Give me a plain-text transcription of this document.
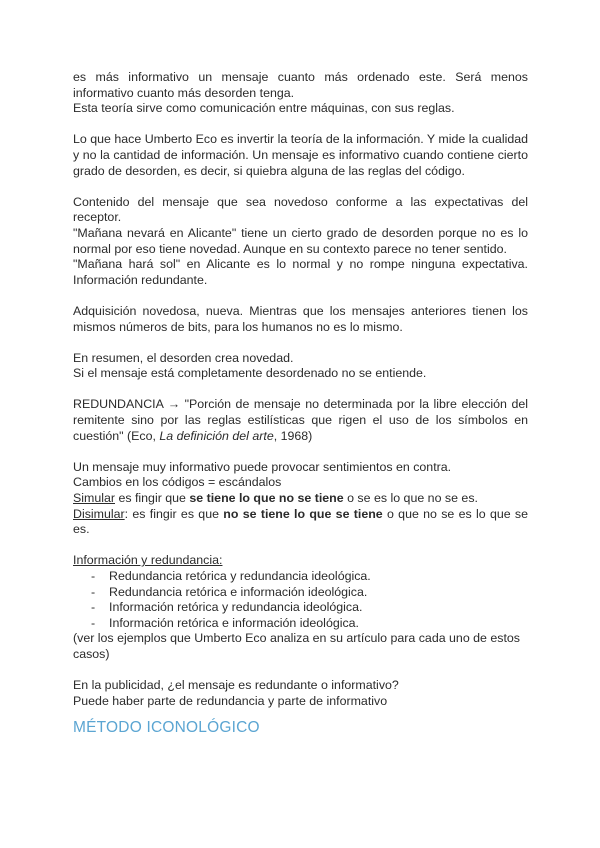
es más informativo un mensaje cuanto más ordenado este. Será menos informativo cuanto más desorden tenga.

Esta teoría sirve como comunicación entre máquinas, con sus reglas.

Lo que hace Umberto Eco es invertir la teoría de la información. Y mide la cualidad y no la cantidad de información. Un mensaje es informativo cuando contiene cierto grado de desorden, es decir, si quiebra alguna de las reglas del código.

Contenido del mensaje que sea novedoso conforme a las expectativas del receptor.

"Mañana nevará en Alicante" tiene un cierto grado de desorden porque no es lo normal por eso tiene novedad. Aunque en su contexto parece no tener sentido.

"Mañana hará sol" en Alicante es lo normal y no rompe ninguna expectativa. Información redundante.

Adquisición novedosa, nueva. Mientras que los mensajes anteriores tienen los mismos números de bits, para los humanos no es lo mismo.

En resumen, el desorden crea novedad.

Si el mensaje está completamente desordenado no se entiende.

REDUNDANCIA → "Porción de mensaje no determinada por la libre elección del remitente sino por las reglas estilísticas que rigen el uso de los símbolos en cuestión" (Eco, La definición del arte, 1968)

Un mensaje muy informativo puede provocar sentimientos en contra.

Cambios en los códigos = escándalos

Simular es fingir que se tiene lo que no se tiene o se es lo que no se es.

Disimular: es fingir es que no se tiene lo que se tiene o que no se es lo que se es.

Información y redundancia:

- Redundancia retórica y redundancia ideológica.
- Redundancia retórica e información ideológica.
- Información retórica y redundancia ideológica.
- Información retórica e información ideológica.

(ver los ejemplos que Umberto Eco analiza en su artículo para cada uno de estos casos)

En la publicidad, ¿el mensaje es redundante o informativo?

Puede haber parte de redundancia y parte de informativo

MÉTODO ICONOLÓGICO
